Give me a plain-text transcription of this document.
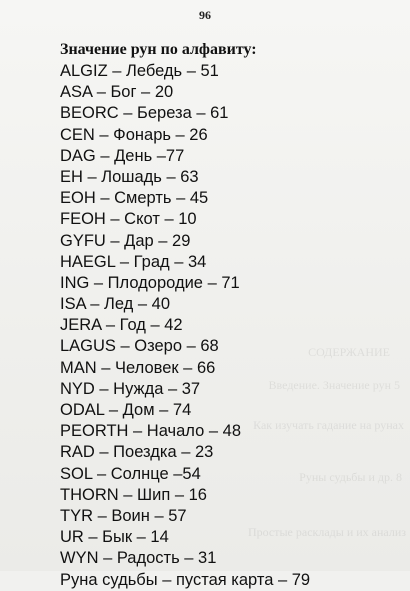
СОДЕРЖАНИЕ
Введение. Значение рун 5
Как изучать гадание на рунах
Руны судьбы и др. 8
Простые расклады и их анализ
96
Значение рун по алфавиту:
ALGIZ – Лебедь – 51
ASA – Бог – 20
BEORC – Береза – 61
CEN – Фонарь – 26
DAG – День –77
EH – Лошадь – 63
EOH – Смерть – 45
FEOH – Скот – 10
GYFU – Дар – 29
HAEGL – Град – 34
ING – Плодородие – 71
ISA – Лед – 40
JERA – Год – 42
LAGUS – Озеро – 68
MAN – Человек – 66
NYD – Нужда – 37
ODAL – Дом – 74
PEORTH – Начало – 48
RAD – Поездка – 23
SOL – Солнце –54
THORN – Шип – 16
TYR – Воин – 57
UR – Бык – 14
WYN – Радость – 31
Руна судьбы – пустая карта – 79
